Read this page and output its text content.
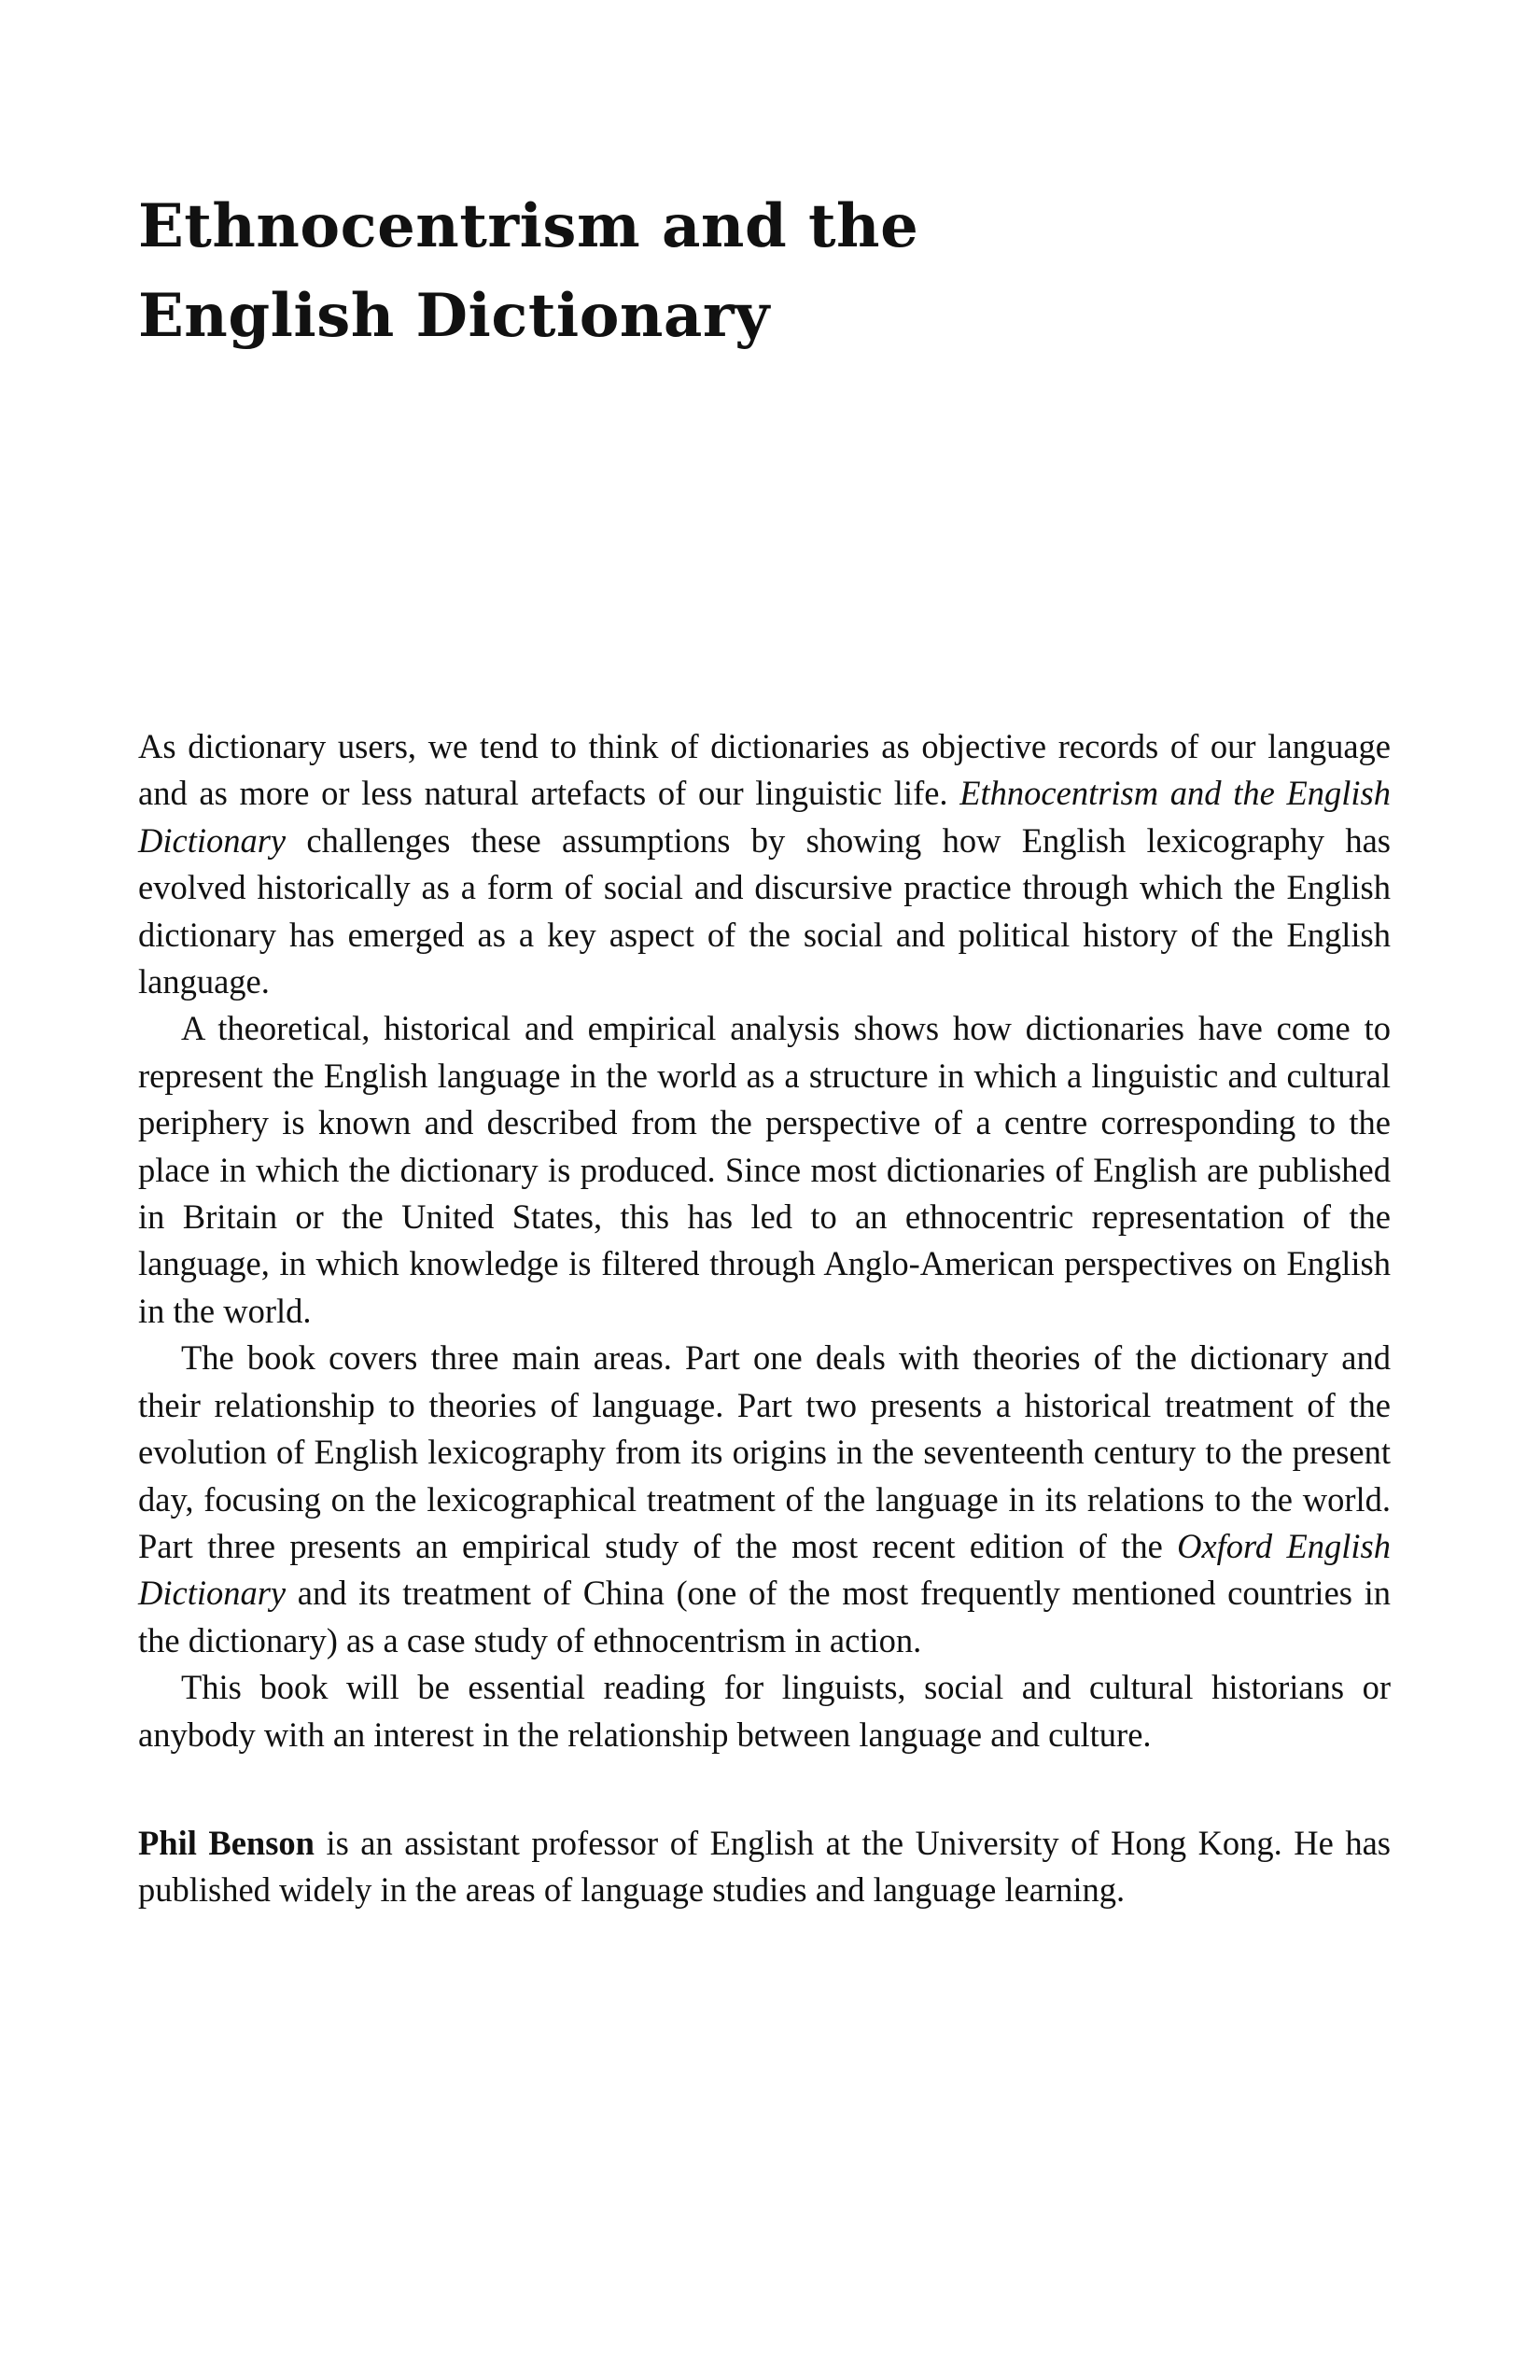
Ethnocentrism and the
English Dictionary

As dictionary users, we tend to think of dictionaries as objective records of our language and as more or less natural artefacts of our linguistic life. Ethnocentrism and the English Dictionary challenges these assumptions by showing how English lexicography has evolved historically as a form of social and discursive practice through which the English dictionary has emerged as a key aspect of the social and political history of the English language.

A theoretical, historical and empirical analysis shows how dictionaries have come to represent the English language in the world as a structure in which a linguistic and cultural periphery is known and described from the perspective of a centre corresponding to the place in which the dictionary is produced. Since most dictionaries of English are published in Britain or the United States, this has led to an ethnocentric representation of the language, in which knowledge is filtered through Anglo-American perspectives on English in the world.

The book covers three main areas. Part one deals with theories of the dictionary and their relationship to theories of language. Part two presents a historical treatment of the evolution of English lexicography from its origins in the seventeenth century to the present day, focusing on the lexicographical treatment of the language in its relations to the world. Part three presents an empirical study of the most recent edition of the Oxford English Dictionary and its treatment of China (one of the most frequently mentioned countries in the dictionary) as a case study of ethnocentrism in action.

This book will be essential reading for linguists, social and cultural historians or anybody with an interest in the relationship between language and culture.

Phil Benson is an assistant professor of English at the University of Hong Kong. He has published widely in the areas of language studies and language learning.
